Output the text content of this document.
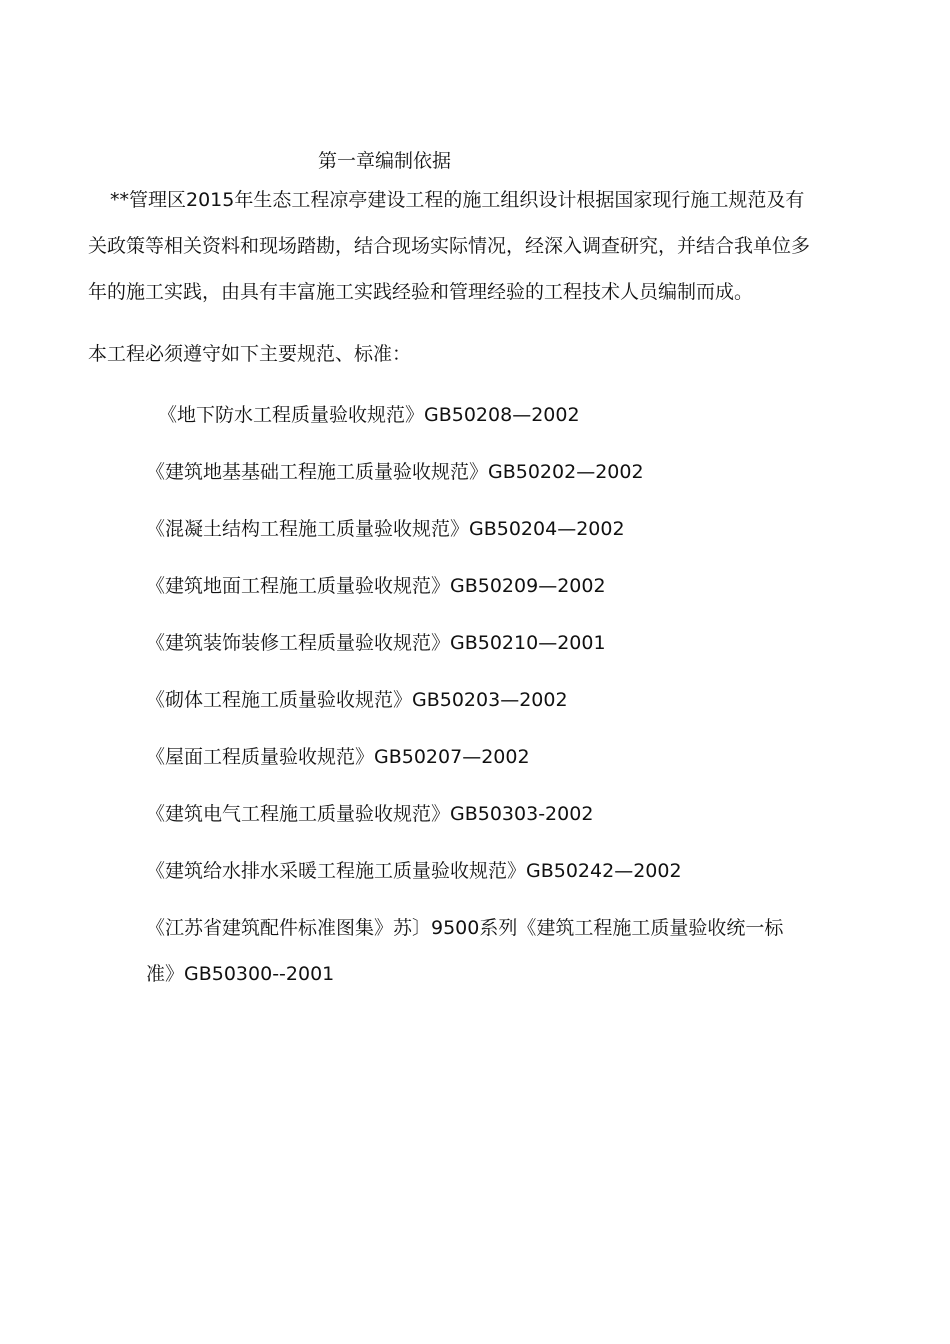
第一章编制依据
**管理区2015年生态工程凉亭建设工程的施工组织设计根据国家现行施工规范及有
关政策等相关资料和现场踏勘，结合现场实际情况，经深入调查研究，并结合我单位多
年的施工实践，由具有丰富施工实践经验和管理经验的工程技术人员编制而成。
本工程必须遵守如下主要规范、标准：
《地下防水工程质量验收规范》GB50208—2002
《建筑地基基础工程施工质量验收规范》GB50202—2002
《混凝土结构工程施工质量验收规范》GB50204—2002
《建筑地面工程施工质量验收规范》GB50209—2002
《建筑装饰装修工程质量验收规范》GB50210—2001
《砌体工程施工质量验收规范》GB50203—2002
《屋面工程质量验收规范》GB50207—2002
《建筑电气工程施工质量验收规范》GB50303-2002
《建筑给水排水采暖工程施工质量验收规范》GB50242—2002
《江苏省建筑配件标准图集》苏〕9500系列《建筑工程施工质量验收统一标
准》GB50300--2001
